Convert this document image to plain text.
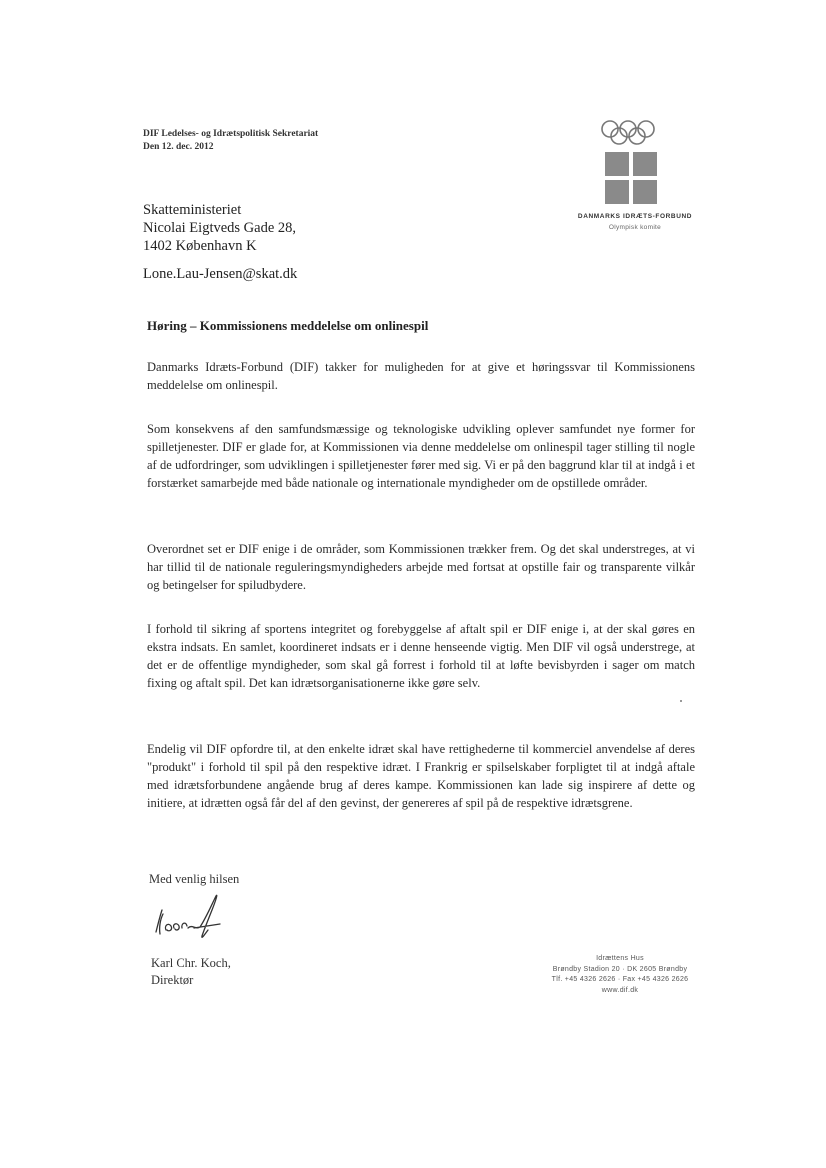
DIF Ledelses- og Idrætspolitisk Sekretariat
Den 12. dec. 2012
DANMARKS IDRÆTS-FORBUND
Olympisk komite
Skatteministeriet
Nicolai Eigtveds Gade 28,
1402 København K
Lone.Lau-Jensen@skat.dk
Høring – Kommissionens meddelelse om onlinespil
Danmarks Idræts-Forbund (DIF) takker for muligheden for at give et høringssvar til Kommissionens meddelelse om onlinespil.
Som konsekvens af den samfundsmæssige og teknologiske udvikling oplever samfundet nye former for spilletjenester. DIF er glade for, at Kommissionen via denne meddelelse om onlinespil tager stilling til nogle af de udfordringer, som udviklingen i spilletjenester fører med sig. Vi er på den baggrund klar til at indgå i et forstærket samarbejde med både nationale og internationale myndigheder om de opstillede områder.
Overordnet set er DIF enige i de områder, som Kommissionen trækker frem. Og det skal understreges, at vi har tillid til de nationale reguleringsmyndigheders arbejde med fortsat at opstille fair og transparente vilkår og betingelser for spiludbydere.
I forhold til sikring af sportens integritet og forebyggelse af aftalt spil er DIF enige i, at der skal gøres en ekstra indsats. En samlet, koordineret indsats er i denne henseende vigtig. Men DIF vil også understrege, at det er de offentlige myndigheder, som skal gå forrest i forhold til at løfte bevisbyrden i sager om match fixing og aftalt spil. Det kan idrætsorganisationerne ikke gøre selv.
Endelig vil DIF opfordre til, at den enkelte idræt skal have rettighederne til kommerciel anvendelse af deres "produkt" i forhold til spil på den respektive idræt. I Frankrig er spilselskaber forpligtet til at indgå aftale med idrætsforbundene angående brug af deres kampe. Kommissionen kan lade sig inspirere af dette og initiere, at idrætten også får del af den gevinst, der genereres af spil på de respektive idrætsgrene.
Med venlig hilsen
Karl Chr. Koch,
Direktør
Idrættens Hus
Brøndby Stadion 20 · DK 2605 Brøndby
Tlf. +45 4326 2626 · Fax +45 4326 2626
www.dif.dk
